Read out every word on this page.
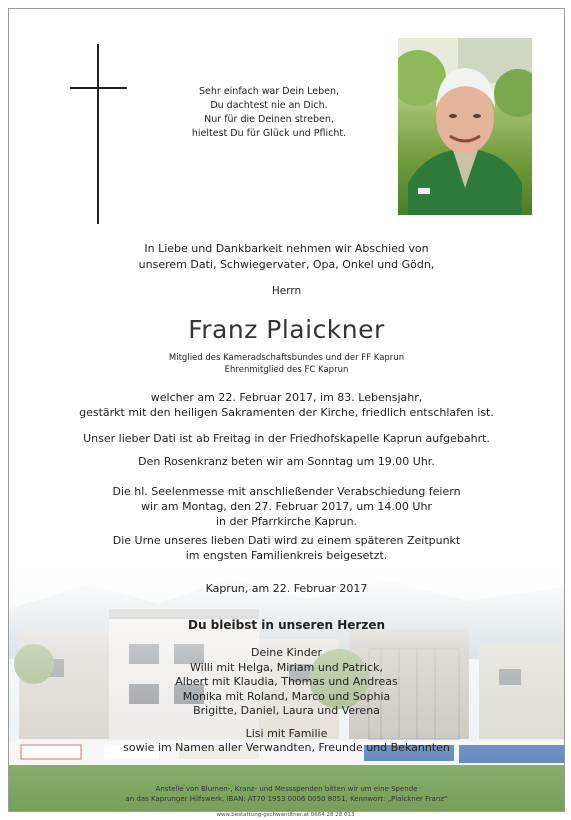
Sehr einfach war Dein Leben,
Du dachtest nie an Dich.
Nur für die Deinen streben,
hieltest Du für Glück und Pflicht.
In Liebe und Dankbarkeit nehmen wir Abschied von
unserem Dati, Schwiegervater, Opa, Onkel und Gödn,
Herrn
Franz Plaickner
Mitglied des Kameradschaftsbundes und der FF Kaprun
Ehrenmitglied des FC Kaprun
welcher am 22. Februar 2017, im 83. Lebensjahr,
gestärkt mit den heiligen Sakramenten der Kirche, friedlich entschlafen ist.
Unser lieber Dati ist ab Freitag in der Friedhofskapelle Kaprun aufgebahrt.
Den Rosenkranz beten wir am Sonntag um 19.00 Uhr.
Die hl. Seelenmesse mit anschließender Verabschiedung feiern
wir am Montag, den 27. Februar 2017, um 14.00 Uhr
in der Pfarrkirche Kaprun.
Die Urne unseres lieben Dati wird zu einem späteren Zeitpunkt
im engsten Familienkreis beigesetzt.
Kaprun, am 22. Februar 2017
Du bleibst in unseren Herzen
Deine Kinder
Willi mit Helga, Miriam und Patrick,
Albert mit Klaudia, Thomas und Andreas
Monika mit Roland, Marco und Sophia
Brigitte, Daniel, Laura und Verena
Lisi mit Familie
sowie im Namen aller Verwandten, Freunde und Bekannten
Anstelle von Blumen-, Kranz- und Messspenden bitten wir um eine Spende
an das Kaprunger Hilfswerk, IBAN: AT70 1953 0006 0050 8051, Kennwort: „Plaickner Franz“
www.bestattung-gschwandtner.at 0664 28 28 013
